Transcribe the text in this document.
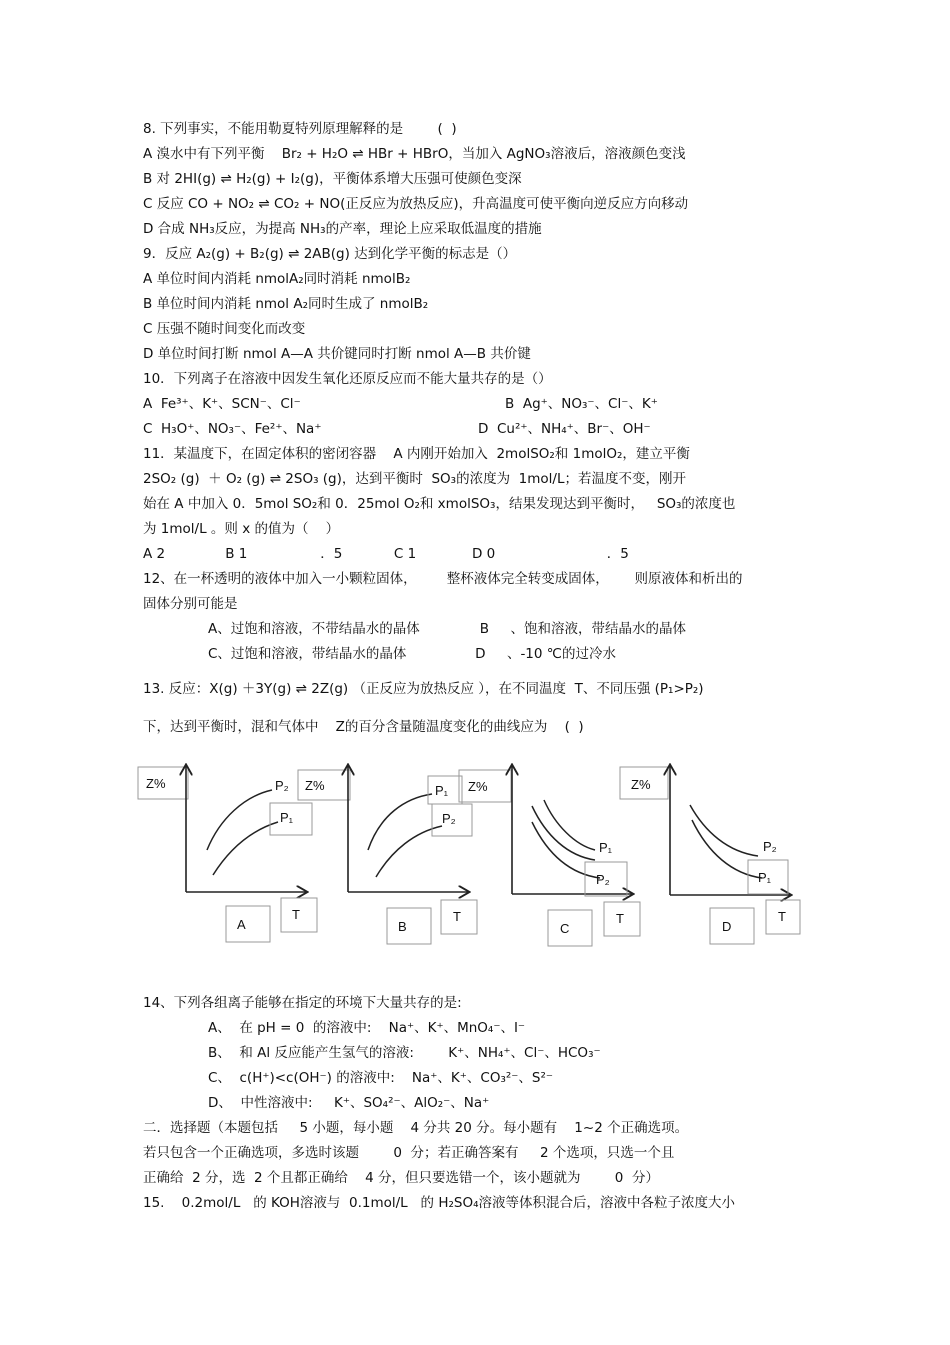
8. 下列事实，不能用勒夏特列原理解释的是        (  )
A 溴水中有下列平衡    Br₂ + H₂O ⇌ HBr + HBrO，当加入 AgNO₃溶液后，溶液颜色变浅
B 对 2HI(g) ⇌ H₂(g) + I₂(g)，平衡体系增大压强可使颜色变深
C 反应 CO + NO₂ ⇌ CO₂ + NO(正反应为放热反应)，升高温度可使平衡向逆反应方向移动
D 合成 NH₃反应，为提高 NH₃的产率，理论上应采取低温度的措施
9．反应 A₂(g) + B₂(g) ⇌ 2AB(g) 达到化学平衡的标志是（）
A 单位时间内消耗 nmolA₂同时消耗 nmolB₂
B 单位时间内消耗 nmol A₂同时生成了 nmolB₂
C 压强不随时间变化而改变
D 单位时间打断 nmol A—A 共价键同时打断 nmol A—B 共价键
10．下列离子在溶液中因发生氧化还原反应而不能大量共存的是（）
A  Fe³⁺、K⁺、SCN⁻、Cl⁻	B  Ag⁺、NO₃⁻、Cl⁻、K⁺
C  H₃O⁺、NO₃⁻、Fe²⁺、Na⁺	D  Cu²⁺、NH₄⁺、Br⁻、OH⁻
11．某温度下，在固定体积的密闭容器    A 内刚开始加入  2molSO₂和 1molO₂，建立平衡
2SO₂ (g)  ＋ O₂ (g) ⇌ 2SO₃ (g)，达到平衡时  SO₃的浓度为  1mol/L；若温度不变，刚开
始在 A 中加入 0．5mol SO₂和 0．25mol O₂和 xmolSO₃，结果发现达到平衡时，   SO₃的浓度也
为 1mol/L 。则 x 的值为（    ）
A 2              B 1                 ．5            C 1             D 0                          ．5
12、在一杯透明的液体中加入一小颗粒固体，       整杯液体完全转变成固体，      则原液体和析出的
固体分别可能是
A、过饱和溶液，不带结晶水的晶体              B     、饱和溶液，带结晶水的晶体
C、过饱和溶液，带结晶水的晶体                D     、-10 ℃的过冷水
13. 反应：X(g) ＋3Y(g) ⇌ 2Z(g) （正反应为放热反应 ），在不同温度  T、不同压强 (P₁>P₂)
下，达到平衡时，混和气体中    Z的百分含量随温度变化的曲线应为    (  )
Z%	P₂ Z%
P₁
A
T
P₁ Z%
P₂
B
T
P₁
P₂
C
T
Z%
P₂
P₁
D
T
14、下列各组离子能够在指定的环境下大量共存的是:
A、  在 pH = 0  的溶液中:    Na⁺、K⁺、MnO₄⁻、I⁻
B、  和 Al 反应能产生氢气的溶液:        K⁺、NH₄⁺、Cl⁻、HCO₃⁻
C、  c(H⁺)<c(OH⁻) 的溶液中:    Na⁺、K⁺、CO₃²⁻、S²⁻
D、  中性溶液中:     K⁺、SO₄²⁻、AlO₂⁻、Na⁺
二．选择题（本题包括     5 小题，每小题    4 分共 20 分。每小题有    1~2 个正确选项。
若只包含一个正确选项，多选时该题        0  分；若正确答案有     2 个选项，只选一个且
正确给  2 分，选  2 个且都正确给    4 分，但只要选错一个，该小题就为        0  分）
15.    0.2mol/L   的 KOH溶液与  0.1mol/L   的 H₂SO₄溶液等体积混合后，溶液中各粒子浓度大小
